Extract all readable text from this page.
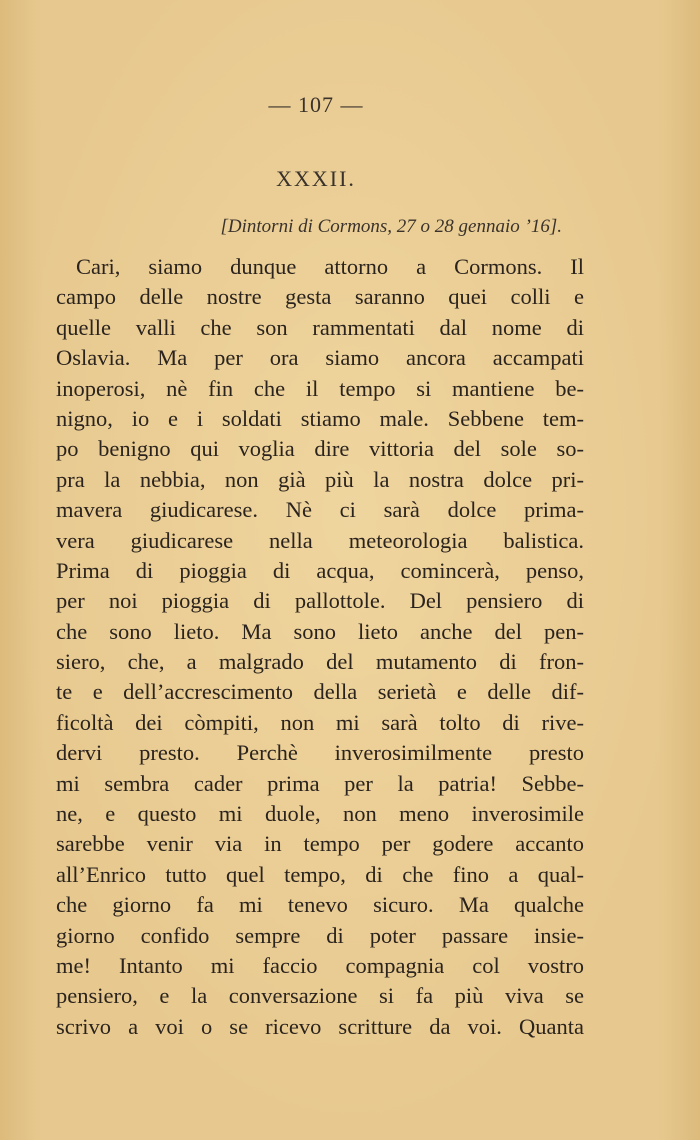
— 107 —
XXXII.
[Dintorni di Cormons, 27 o 28 gennaio ’16].
Cari, siamo dunque attorno a Cormons. Il
campo delle nostre gesta saranno quei colli e
quelle valli che son rammentati dal nome di
Oslavia. Ma per ora siamo ancora accampati
inoperosi, nè fin che il tempo si mantiene be-
nigno, io e i soldati stiamo male. Sebbene tem-
po benigno qui voglia dire vittoria del sole so-
pra la nebbia, non già più la nostra dolce pri-
mavera giudicarese. Nè ci sarà dolce prima-
vera giudicarese nella meteorologia balistica.
Prima di pioggia di acqua, comincerà, penso,
per noi pioggia di pallottole. Del pensiero di
che sono lieto. Ma sono lieto anche del pen-
siero, che, a malgrado del mutamento di fron-
te e dell’accrescimento della serietà e delle dif-
ficoltà dei còmpiti, non mi sarà tolto di rive-
dervi presto. Perchè inverosimilmente presto
mi sembra cader prima per la patria! Sebbe-
ne, e questo mi duole, non meno inverosimile
sarebbe venir via in tempo per godere accanto
all’Enrico tutto quel tempo, di che fino a qual-
che giorno fa mi tenevo sicuro. Ma qualche
giorno confido sempre di poter passare insie-
me! Intanto mi faccio compagnia col vostro
pensiero, e la conversazione si fa più viva se
scrivo a voi o se ricevo scritture da voi. Quanta
